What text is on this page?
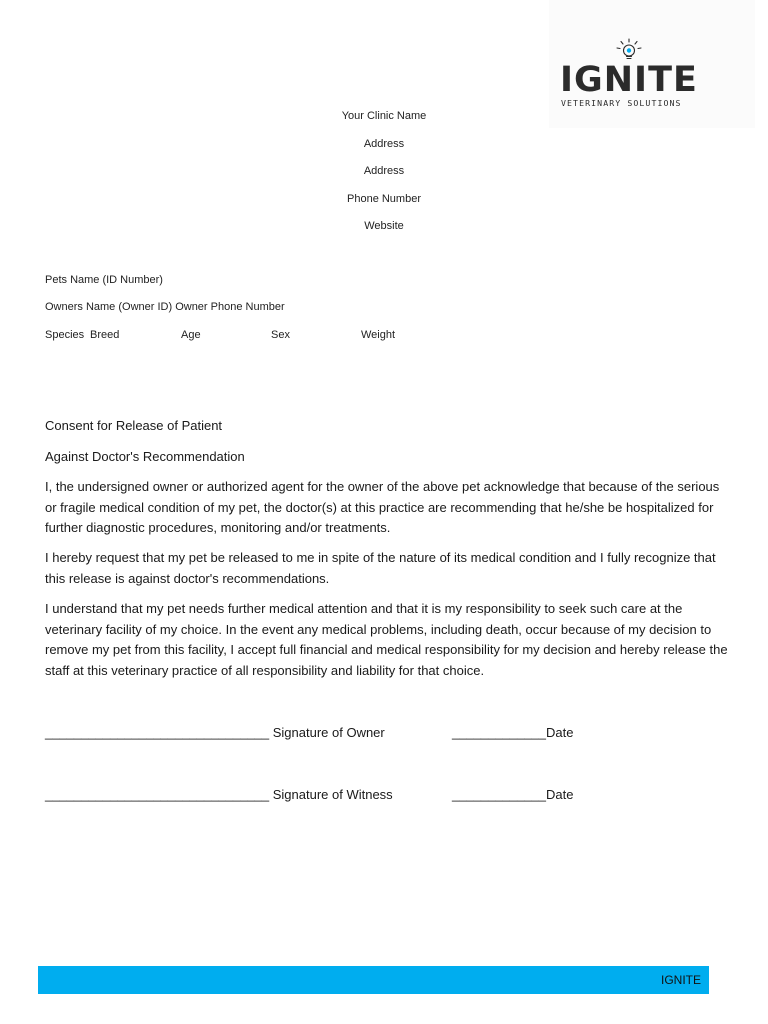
IGNITE
VETERINARY SOLUTIONS
Your Clinic Name
Address
Address
Phone Number
Website
Pets Name (ID Number)
Owners Name (Owner ID) Owner Phone Number
Species Breed	Age	Sex	Weight
Consent for Release of Patient
Against Doctor's Recommendation
I, the undersigned owner or authorized agent for the owner of the above pet acknowledge that because of the serious or fragile medical condition of my pet, the doctor(s) at this practice are recommending that he/she be hospitalized for further diagnostic procedures, monitoring and/or treatments.
I hereby request that my pet be released to me in spite of the nature of its medical condition and I fully recognize that this release is against doctor's recommendations.
I understand that my pet needs further medical attention and that it is my responsibility to seek such care at the veterinary facility of my choice. In the event any medical problems, including death, occur because of my decision to remove my pet from this facility, I accept full financial and medical responsibility for my decision and hereby release the staff at this veterinary practice of all responsibility and liability for that choice.
_______________________________ Signature of Owner	_____________Date
_______________________________ Signature of Witness	_____________Date
IGNITE
